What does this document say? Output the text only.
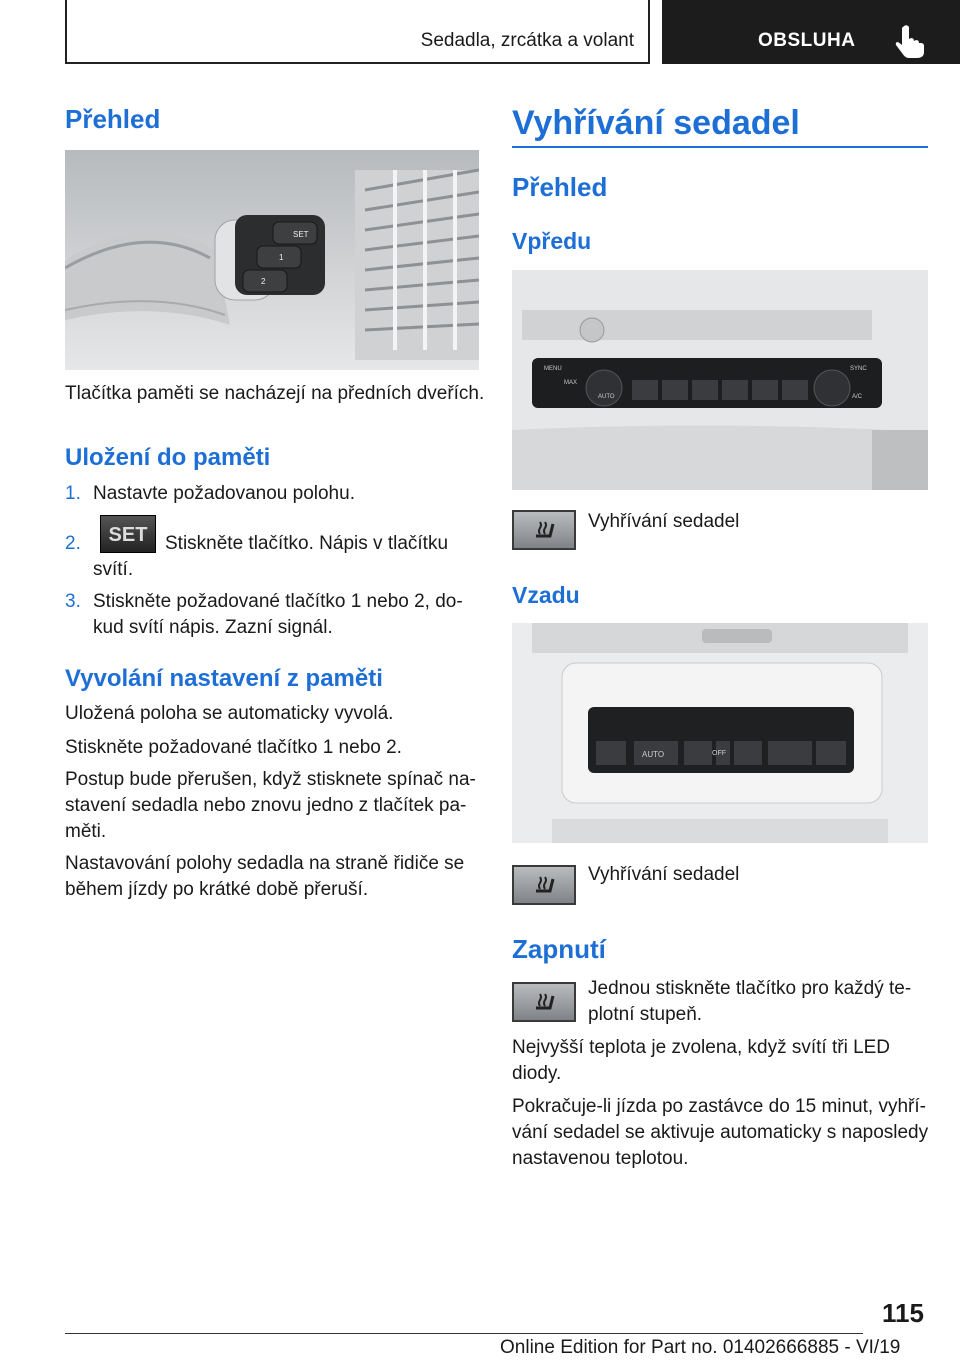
Sedadla, zrcátka a volant	OBSLUHA
Přehled
SET
1
2
Tlačítka paměti se nacházejí na předních dveřích.
Uložení do paměti
1. Nastavte požadovanou polohu.
2.	SET Stiskněte tlačítko. Nápis v tlačítku
svítí.
3. Stiskněte požadované tlačítko 1 nebo 2, do-
kud svítí nápis. Zazní signál.
Vyvolání nastavení z paměti
Uložená poloha se automaticky vyvolá.
Stiskněte požadované tlačítko 1 nebo 2.
Postup bude přerušen, když stisknete spínač na-
stavení sedadla nebo znovu jedno z tlačítek pa-
měti.
Nastavování polohy sedadla na straně řidiče se
během jízdy po krátké době přeruší.
Vyhřívání sedadel
Přehled
Vpředu
MENU
AUTO
MAX
SYNC
A/C
Vyhřívání sedadel
Vzadu
AUTO	OFF
Vyhřívání sedadel
Zapnutí
Jednou stiskněte tlačítko pro každý te-
plotní stupeň.
Nejvyšší teplota je zvolena, když svítí tři LED
diody.
Pokračuje-li jízda po zastávce do 15 minut, vyhří-
vání sedadel se aktivuje automaticky s naposledy
nastavenou teplotou.
115
Online Edition for Part no. 01402666885 - VI/19
